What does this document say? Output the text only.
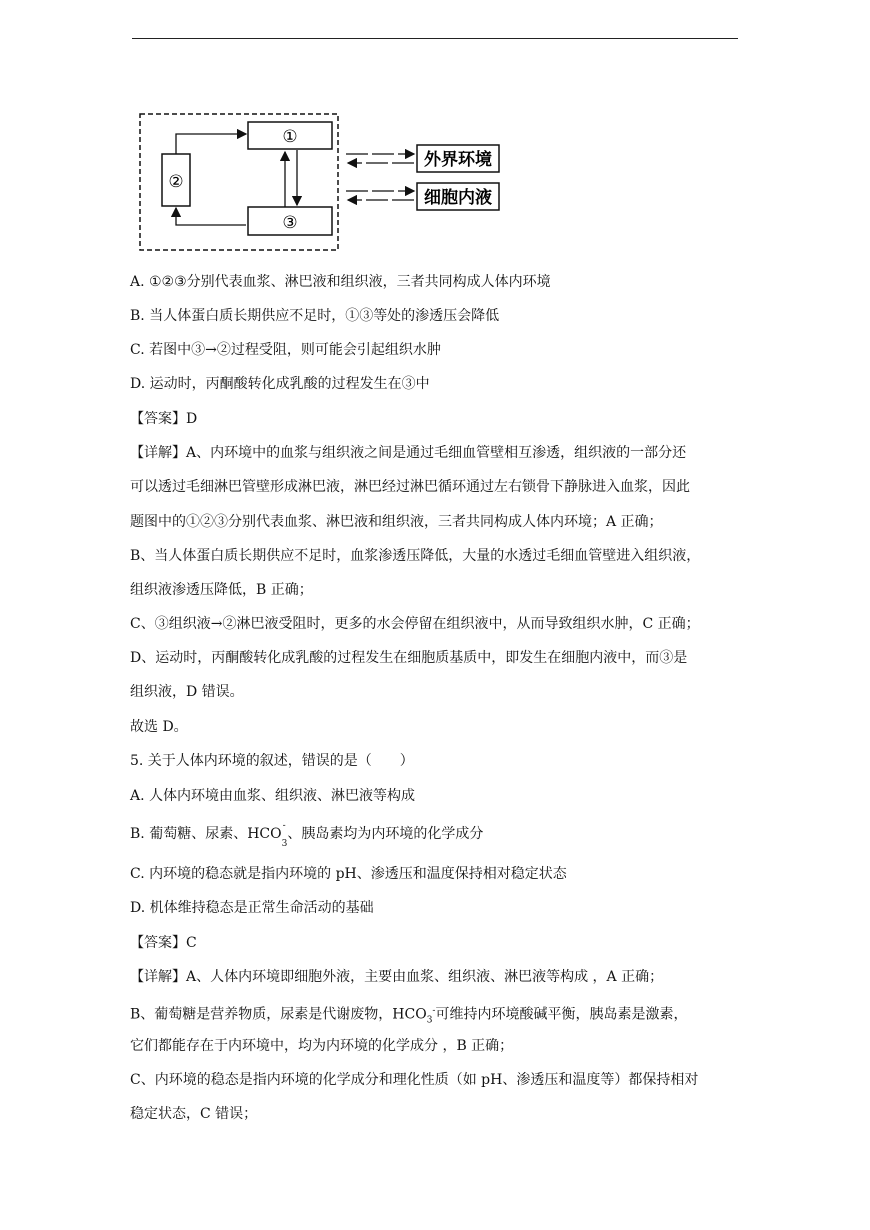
①
②
③
外界环境
细胞内液
A. ①②③分别代表血浆、淋巴液和组织液，三者共同构成人体内环境
B. 当人体蛋白质长期供应不足时，①③等处的渗透压会降低
C. 若图中③→②过程受阻，则可能会引起组织水肿
D. 运动时，丙酮酸转化成乳酸的过程发生在③中
【答案】D
【详解】A、内环境中的血浆与组织液之间是通过毛细血管壁相互渗透，组织液的一部分还
可以透过毛细淋巴管壁形成淋巴液，淋巴经过淋巴循环通过左右锁骨下静脉进入血浆，因此
题图中的①②③分别代表血浆、淋巴液和组织液，三者共同构成人体内环境；A 正确；
B、当人体蛋白质长期供应不足时，血浆渗透压降低，大量的水透过毛细血管壁进入组织液，
组织液渗透压降低，B 正确；
C、③组织液→②淋巴液受阻时，更多的水会停留在组织液中，从而导致组织水肿，C 正确；
D、运动时，丙酮酸转化成乳酸的过程发生在细胞质基质中，即发生在细胞内液中，而③是
组织液，D 错误。
故选 D。
5. 关于人体内环境的叙述，错误的是（　　）
A. 人体内环境由血浆、组织液、淋巴液等构成
B. 葡萄糖、尿素、HCO -
$_3$、胰岛素均为内环境的化学成分
C. 内环境的稳态就是指内环境的 pH、渗透压和温度保持相对稳定状态
D. 机体维持稳态是正常生命活动的基础
【答案】C
【详解】A、人体内环境即细胞外液，主要由血浆、组织液、淋巴液等构成 ，A 正确；
B、葡萄糖是营养物质，尿素是代谢废物，$HCO_3^-$可维持内环境酸碱平衡，胰岛素是激素，
它们都能存在于内环境中，均为内环境的化学成分 ，B 正确；
C、内环境的稳态是指内环境的化学成分和理化性质（如 pH、渗透压和温度等）都保持相对
稳定状态，C 错误；
